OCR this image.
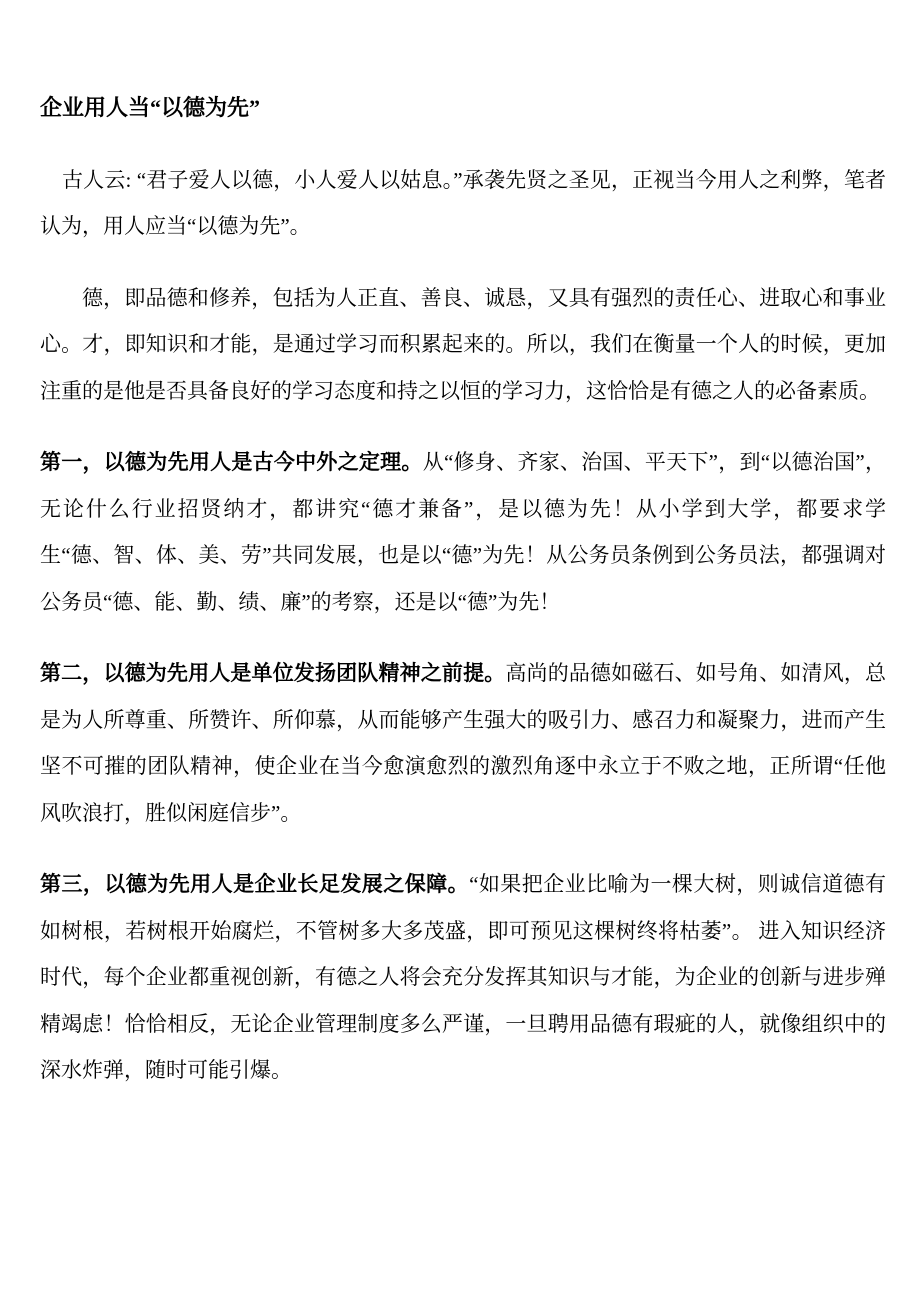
企业用人当“以德为先”

古人云: “君子爱人以德，小人爱人以姑息。”承袭先贤之圣见，正视当今用人之利弊，笔者认为，用人应当“以德为先”。

德，即品德和修养，包括为人正直、善良、诚恳，又具有强烈的责任心、进取心和事业心。才，即知识和才能，是通过学习而积累起来的。所以，我们在衡量一个人的时候，更加注重的是他是否具备良好的学习态度和持之以恒的学习力，这恰恰是有德之人的必备素质。

第一，以德为先用人是古今中外之定理。从“修身、齐家、治国、平天下”，到“以德治国”，无论什么行业招贤纳才，都讲究“德才兼备”，是以德为先！从小学到大学，都要求学生“德、智、体、美、劳”共同发展，也是以“德”为先！从公务员条例到公务员法，都强调对公务员“德、能、勤、绩、廉”的考察，还是以“德”为先！

第二，以德为先用人是单位发扬团队精神之前提。高尚的品德如磁石、如号角、如清风，总是为人所尊重、所赞许、所仰慕，从而能够产生强大的吸引力、感召力和凝聚力，进而产生坚不可摧的团队精神，使企业在当今愈演愈烈的激烈角逐中永立于不败之地，正所谓“任他风吹浪打，胜似闲庭信步”。

第三，以德为先用人是企业长足发展之保障。“如果把企业比喻为一棵大树，则诚信道德有如树根，若树根开始腐烂，不管树多大多茂盛，即可预见这棵树终将枯萎”。 进入知识经济时代，每个企业都重视创新，有德之人将会充分发挥其知识与才能，为企业的创新与进步殚精竭虑！恰恰相反，无论企业管理制度多么严谨，一旦聘用品德有瑕疵的人，就像组织中的深水炸弹，随时可能引爆。
